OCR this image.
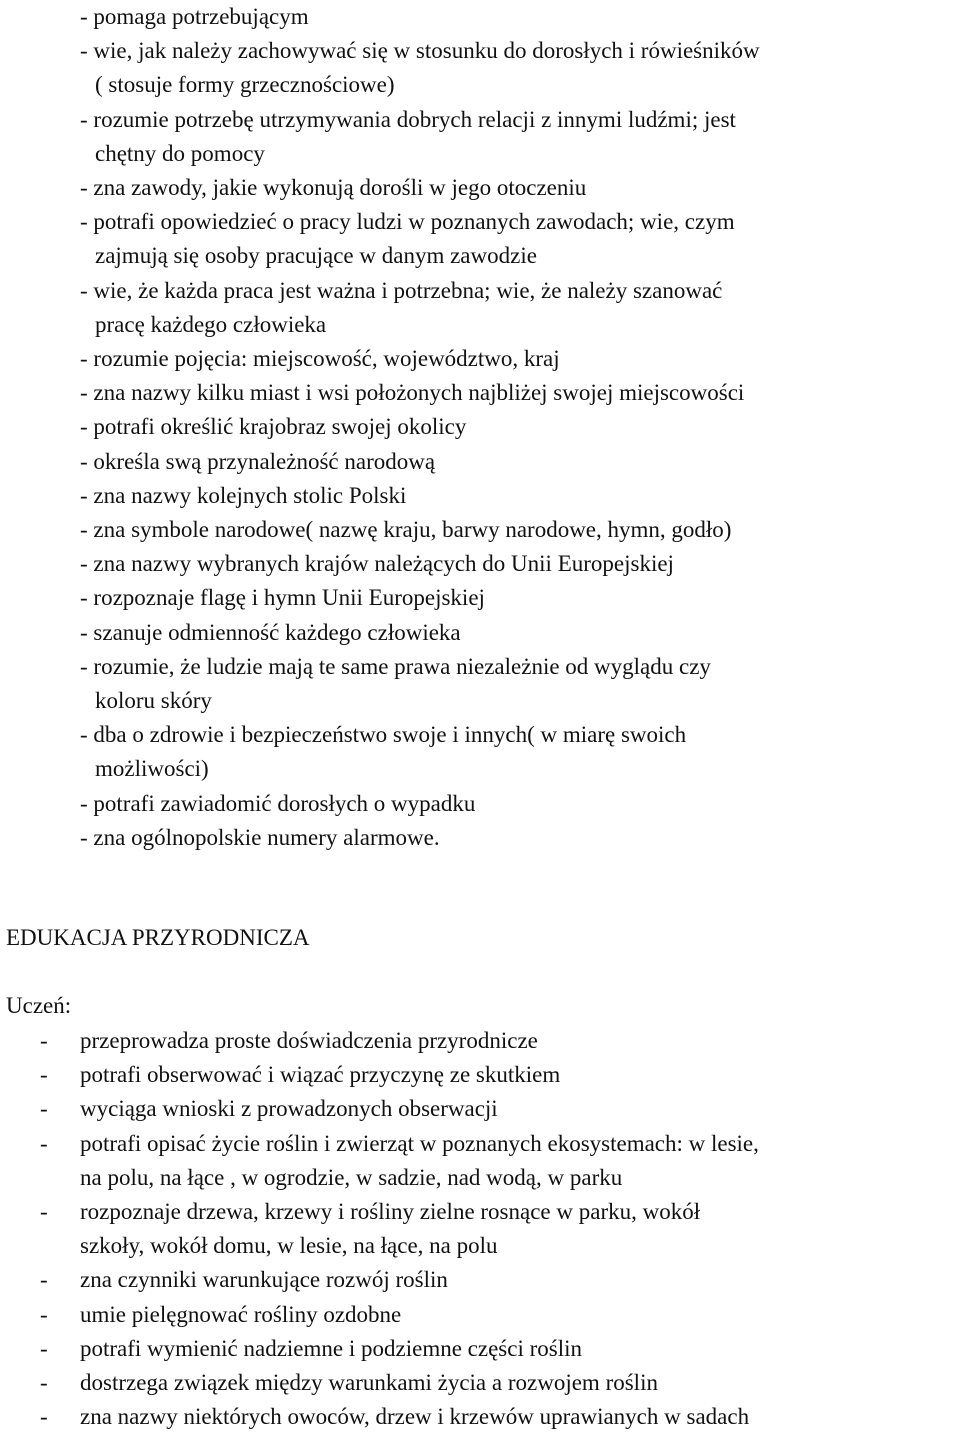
- pomaga potrzebującym
- wie, jak należy zachowywać się w stosunku do dorosłych i rówieśników
( stosuje formy grzecznościowe)
- rozumie potrzebę utrzymywania dobrych relacji z innymi ludźmi; jest
chętny do pomocy
- zna zawody, jakie wykonują dorośli w jego otoczeniu
- potrafi opowiedzieć o pracy ludzi w poznanych zawodach; wie, czym
zajmują się osoby pracujące w danym zawodzie
- wie, że każda praca jest ważna i potrzebna; wie, że należy szanować
pracę każdego człowieka
- rozumie pojęcia: miejscowość, województwo, kraj
- zna nazwy kilku miast i wsi położonych najbliżej swojej miejscowości
- potrafi określić krajobraz swojej okolicy
- określa swą przynależność narodową
- zna nazwy kolejnych stolic Polski
- zna symbole narodowe( nazwę kraju, barwy narodowe, hymn, godło)
- zna nazwy wybranych krajów należących do Unii Europejskiej
- rozpoznaje flagę i hymn Unii Europejskiej
- szanuje odmienność każdego człowieka
- rozumie, że ludzie mają te same prawa niezależnie od wyglądu czy
koloru skóry
- dba o zdrowie i bezpieczeństwo swoje i innych( w miarę swoich
możliwości)
- potrafi zawiadomić dorosłych o wypadku
- zna ogólnopolskie numery alarmowe.
EDUKACJA PRZYRODNICZA

Uczeń:

- przeprowadza proste doświadczenia przyrodnicze
- potrafi obserwować i wiązać przyczynę ze skutkiem
- wyciąga wnioski z prowadzonych obserwacji
- potrafi opisać życie roślin i zwierząt w poznanych ekosystemach: w lesie,
na polu, na łące , w ogrodzie, w sadzie, nad wodą, w parku
- rozpoznaje drzewa, krzewy i rośliny zielne rosnące w parku, wokół
szkoły, wokół domu, w lesie, na łące, na polu
- zna czynniki warunkujące rozwój roślin
- umie pielęgnować rośliny ozdobne
- potrafi wymienić nadziemne i podziemne części roślin
- dostrzega związek między warunkami życia a rozwojem roślin
- zna nazwy niektórych owoców, drzew i krzewów uprawianych w sadach
